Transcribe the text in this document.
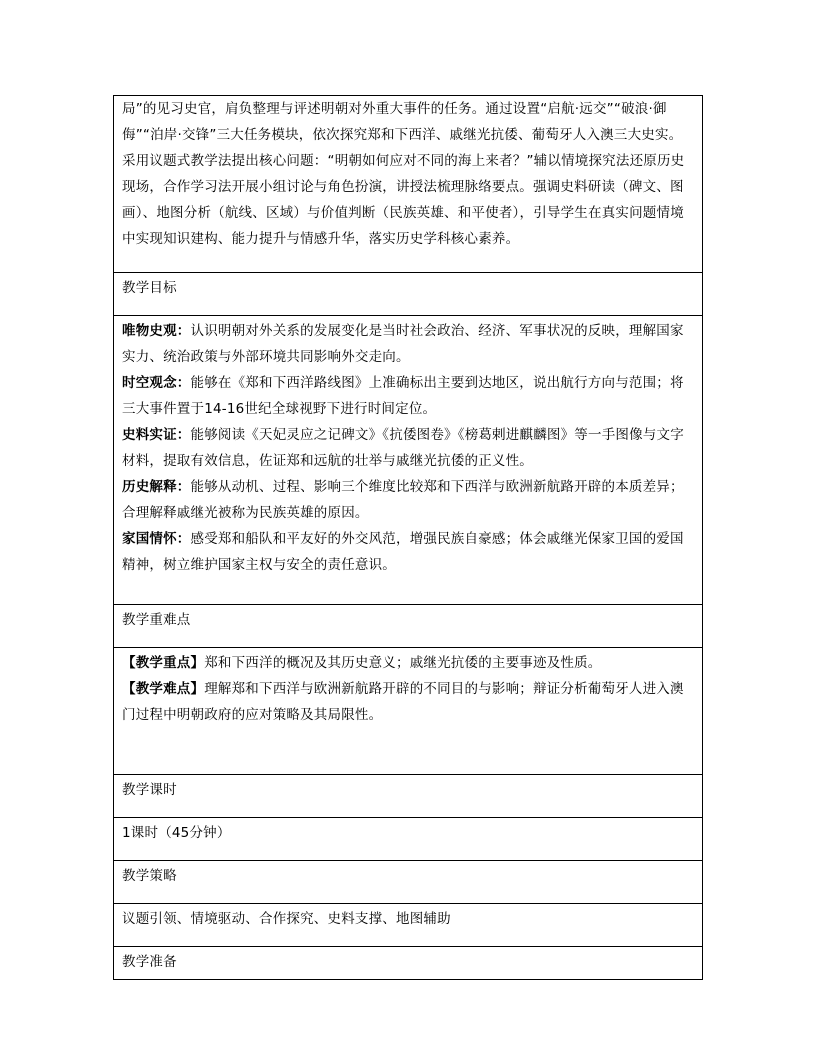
局”的见习史官，肩负整理与评述明朝对外重大事件的任务。通过设置“启航·远交”“破浪·御侮”“泊岸·交锋”三大任务模块，依次探究郑和下西洋、戚继光抗倭、葡萄牙人入澳三大史实。采用议题式教学法提出核心问题：“明朝如何应对不同的海上来者？”辅以情境探究法还原历史现场，合作学习法开展小组讨论与角色扮演，讲授法梳理脉络要点。强调史料研读（碑文、图画）、地图分析（航线、区域）与价值判断（民族英雄、和平使者），引导学生在真实问题情境中实现知识建构、能力提升与情感升华，落实历史学科核心素养。

教学目标

唯物史观：认识明朝对外关系的发展变化是当时社会政治、经济、军事状况的反映，理解国家实力、统治政策与外部环境共同影响外交走向。

时空观念：能够在《郑和下西洋路线图》上准确标出主要到达地区，说出航行方向与范围；将三大事件置于14-16世纪全球视野下进行时间定位。

史料实证：能够阅读《天妃灵应之记碑文》《抗倭图卷》《榜葛剌进麒麟图》等一手图像与文字材料，提取有效信息，佐证郑和远航的壮举与戚继光抗倭的正义性。

历史解释：能够从动机、过程、影响三个维度比较郑和下西洋与欧洲新航路开辟的本质差异；合理解释戚继光被称为民族英雄的原因。

家国情怀：感受郑和船队和平友好的外交风范，增强民族自豪感；体会戚继光保家卫国的爱国精神，树立维护国家主权与安全的责任意识。

教学重难点

【教学重点】郑和下西洋的概况及其历史意义；戚继光抗倭的主要事迹及性质。

【教学难点】理解郑和下西洋与欧洲新航路开辟的不同目的与影响；辩证分析葡萄牙人进入澳门过程中明朝政府的应对策略及其局限性。

教学课时
1课时（45分钟）
教学策略
议题引领、情境驱动、合作探究、史料支撑、地图辅助
教学准备
